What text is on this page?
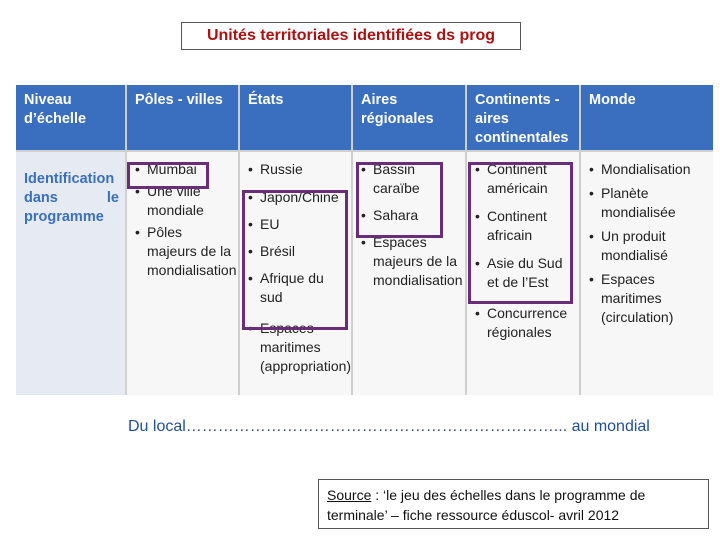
Unités territoriales identifiées ds prog
Niveau d’échelle
Pôles - villes	États	Aires régionales
Continents - aires continentales
Monde
Identification dans le programme
• Mumbai
• Une ville mondiale
• Pôles majeurs de la mondialisation
• Russie
• Japon/Chine
• EU
• Brésil
• Afrique du sud
• Espaces maritimes (appropriation)
• Bassin caraïbe
• Sahara
• Espaces majeurs de la mondialisation
• Continent américain
• Continent africain
• Asie du Sud et de l’Est
• Concurrence régionales
• Mondialisation
• Planète mondialisée
• Un produit mondialisé
• Espaces maritimes (circulation)
Du local……………………………………………………………... au mondial
Source : ‘le jeu des échelles dans le programme de terminale’ – fiche ressource éduscol- avril 2012
